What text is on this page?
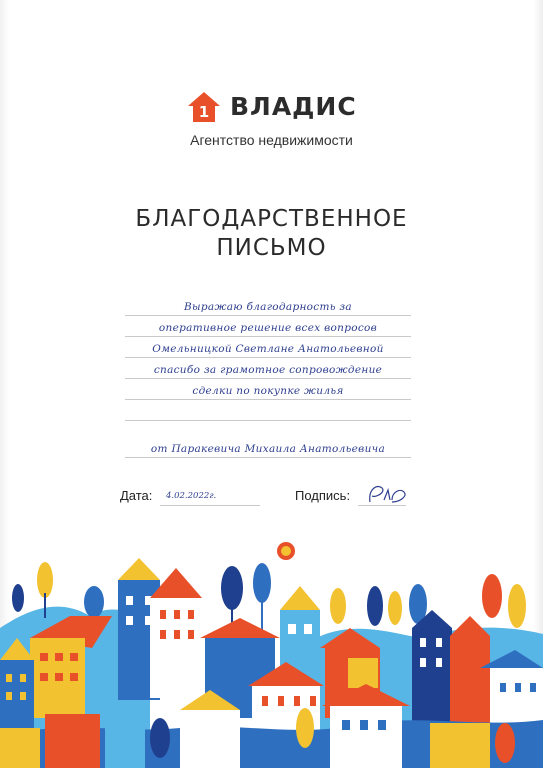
1 ВЛАДИС
Агентство недвижимости
БЛАГОДАРСТВЕННОЕ
ПИСЬМО
Выражаю благодарность за
оперативное решение всех вопросов
Омельницкой Светлане Анатольевной
спасибо за грамотное сопровождение
сделки по покупке жилья
от Паракевича Михаила Анатольевича
Дата: 4.02.2022г.	Подпись:
